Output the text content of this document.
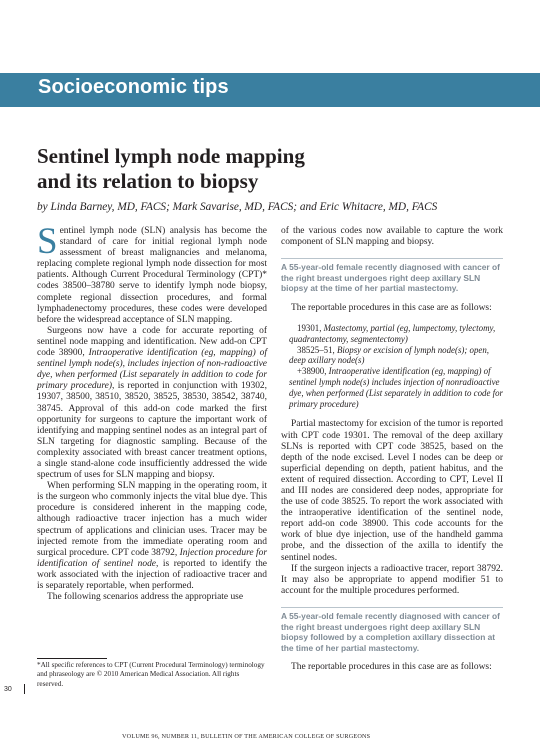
Socioeconomic tips
Sentinel lymph node mapping
and its relation to biopsy
by Linda Barney, MD, FACS; Mark Savarise, MD, FACS; and Eric Whitacre, MD, FACS

Sentinel lymph node (SLN) analysis has become the standard of care for initial regional lymph node assessment of breast malignancies and melanoma, replacing complete regional lymph node dissection for most patients. Although Current Procedural Terminology (CPT)* codes 38500–38780 serve to identify lymph node biopsy, complete regional dissection procedures, and formal lymphadenectomy procedures, these codes were developed before the widespread acceptance of SLN mapping.

Surgeons now have a code for accurate reporting of sentinel node mapping and identification. New add-on CPT code 38900, Intraoperative identification (eg, mapping) of sentinel lymph node(s), includes injection of non-radioactive dye, when performed (List separately in addition to code for primary procedure), is reported in conjunction with 19302, 19307, 38500, 38510, 38520, 38525, 38530, 38542, 38740, 38745. Approval of this add-on code marked the first opportunity for surgeons to capture the important work of identifying and mapping sentinel nodes as an integral part of SLN targeting for diagnostic sampling. Because of the complexity associated with breast cancer treatment options, a single stand-alone code insufficiently addressed the wide spectrum of uses for SLN mapping and biopsy.

When performing SLN mapping in the operating room, it is the surgeon who commonly injects the vital blue dye. This procedure is considered inherent in the mapping code, although radioactive tracer injection has a much wider spectrum of applications and clinician uses. Tracer may be injected remote from the immediate operating room and surgical procedure. CPT code 38792, Injection procedure for identification of sentinel node, is reported to identify the work associated with the injection of radioactive tracer and is separately reportable, when performed.

The following scenarios address the appropriate use

*All specific references to CPT (Current Procedural Terminology) terminology and phraseology are © 2010 American Medical Association. All rights reserved.

of the various codes now available to capture the work component of SLN mapping and biopsy.

A 55-year-old female recently diagnosed with cancer of the right breast undergoes right deep axillary SLN biopsy at the time of her partial mastectomy.

The reportable procedures in this case are as follows:

19301, Mastectomy, partial (eg, lumpectomy, tylectomy, quadrantectomy, segmentectomy)

38525–51, Biopsy or excision of lymph node(s); open, deep axillary node(s)

+38900, Intraoperative identification (eg, mapping) of sentinel lymph node(s) includes injection of nonradioactive dye, when performed (List separately in addition to code for primary procedure)

Partial mastectomy for excision of the tumor is reported with CPT code 19301. The removal of the deep axillary SLNs is reported with CPT code 38525, based on the depth of the node excised. Level I nodes can be deep or superficial depending on depth, patient habitus, and the extent of required dissection. According to CPT, Level II and III nodes are considered deep nodes, appropriate for the use of code 38525. To report the work associated with the intraoperative identification of the sentinel node, report add-on code 38900. This code accounts for the work of blue dye injection, use of the handheld gamma probe, and the dissection of the axilla to identify the sentinel nodes.

If the surgeon injects a radioactive tracer, report 38792. It may also be appropriate to append modifier 51 to account for the multiple procedures performed.

A 55-year-old female recently diagnosed with cancer of the right breast undergoes right deep axillary SLN biopsy followed by a completion axillary dissection at the time of her partial mastectomy.

The reportable procedures in this case are as follows:

30
VOLUME 96, NUMBER 11, BULLETIN OF THE AMERICAN COLLEGE OF SURGEONS
